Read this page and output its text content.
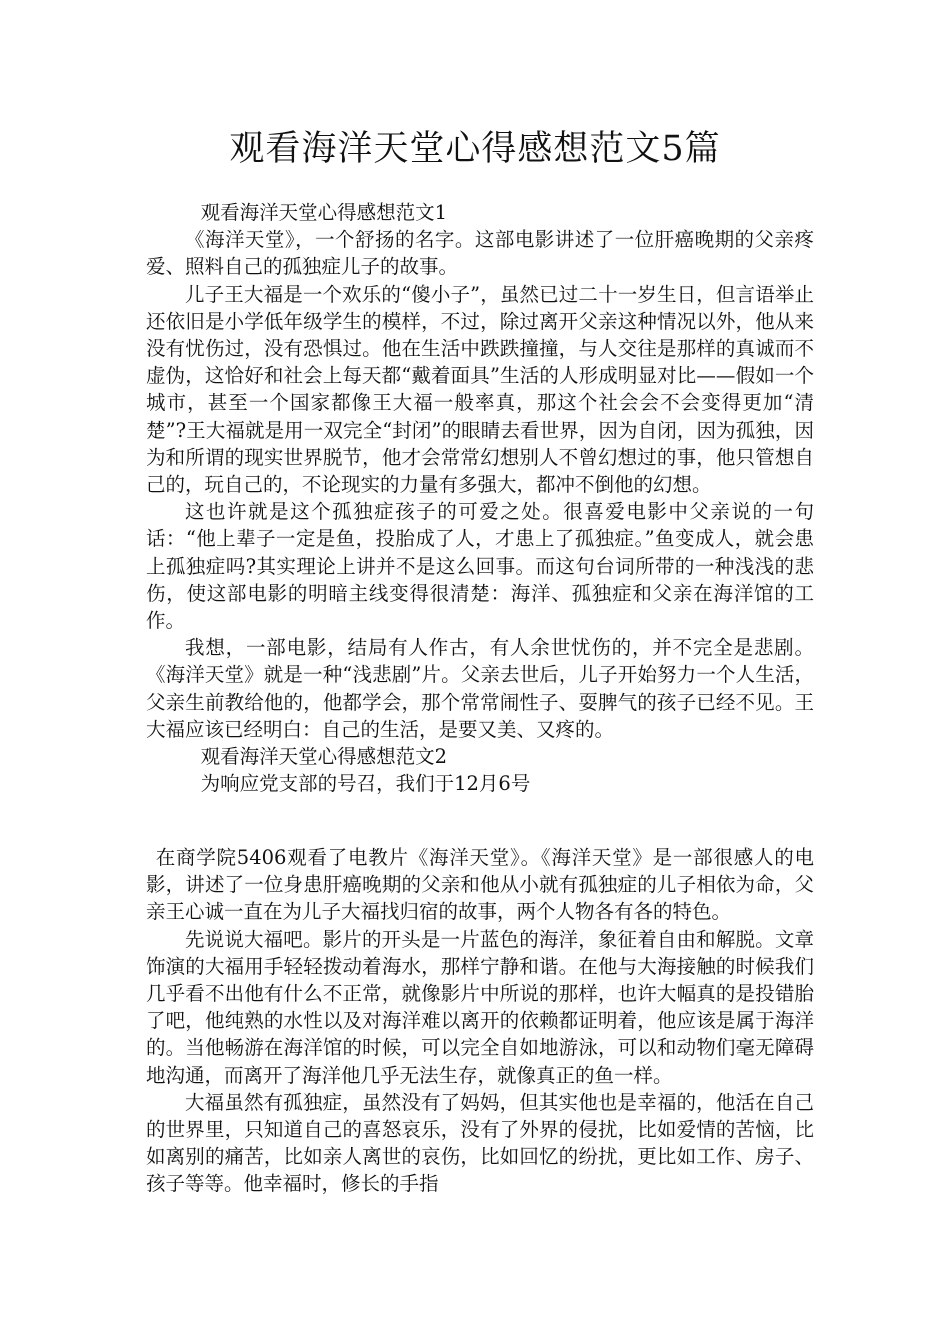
观看海洋天堂心得感想范文5篇

观看海洋天堂心得感想范文1

《海洋天堂》，一个舒扬的名字。这部电影讲述了一位肝癌晚期的父亲疼爱、照料自己的孤独症儿子的故事。

儿子王大福是一个欢乐的“傻小子”，虽然已过二十一岁生日，但言语举止还依旧是小学低年级学生的模样，不过，除过离开父亲这种情况以外，他从来没有忧伤过，没有恐惧过。他在生活中跌跌撞撞，与人交往是那样的真诚而不虚伪，这恰好和社会上每天都“戴着面具”生活的人形成明显对比——假如一个城市，甚至一个国家都像王大福一般率真，那这个社会会不会变得更加“清楚”?王大福就是用一双完全“封闭”的眼睛去看世界，因为自闭，因为孤独，因为和所谓的现实世界脱节，他才会常常幻想别人不曾幻想过的事，他只管想自己的，玩自己的，不论现实的力量有多强大，都冲不倒他的幻想。

这也许就是这个孤独症孩子的可爱之处。很喜爱电影中父亲说的一句话：“他上辈子一定是鱼，投胎成了人，才患上了孤独症。”鱼变成人，就会患上孤独症吗?其实理论上讲并不是这么回事。而这句台词所带的一种浅浅的悲伤，使这部电影的明暗主线变得很清楚：海洋、孤独症和父亲在海洋馆的工作。

我想，一部电影，结局有人作古，有人余世忧伤的，并不完全是悲剧。《海洋天堂》就是一种“浅悲剧”片。父亲去世后，儿子开始努力一个人生活，父亲生前教给他的，他都学会，那个常常闹性子、耍脾气的孩子已经不见。王大福应该已经明白：自己的生活，是要又美、又疼的。

观看海洋天堂心得感想范文2

为响应党支部的号召，我们于12月6号

在商学院5406观看了电教片《海洋天堂》。《海洋天堂》是一部很感人的电影，讲述了一位身患肝癌晚期的父亲和他从小就有孤独症的儿子相依为命，父亲王心诚一直在为儿子大福找归宿的故事，两个人物各有各的特色。

先说说大福吧。影片的开头是一片蓝色的海洋，象征着自由和解脱。文章饰演的大福用手轻轻拨动着海水，那样宁静和谐。在他与大海接触的时候我们几乎看不出他有什么不正常，就像影片中所说的那样，也许大幅真的是投错胎了吧，他纯熟的水性以及对海洋难以离开的依赖都证明着，他应该是属于海洋的。当他畅游在海洋馆的时候，可以完全自如地游泳，可以和动物们毫无障碍地沟通，而离开了海洋他几乎无法生存，就像真正的鱼一样。

大福虽然有孤独症，虽然没有了妈妈，但其实他也是幸福的，他活在自己的世界里，只知道自己的喜怒哀乐，没有了外界的侵扰，比如爱情的苦恼，比如离别的痛苦，比如亲人离世的哀伤，比如回忆的纷扰，更比如工作、房子、孩子等等。他幸福时，修长的手指
